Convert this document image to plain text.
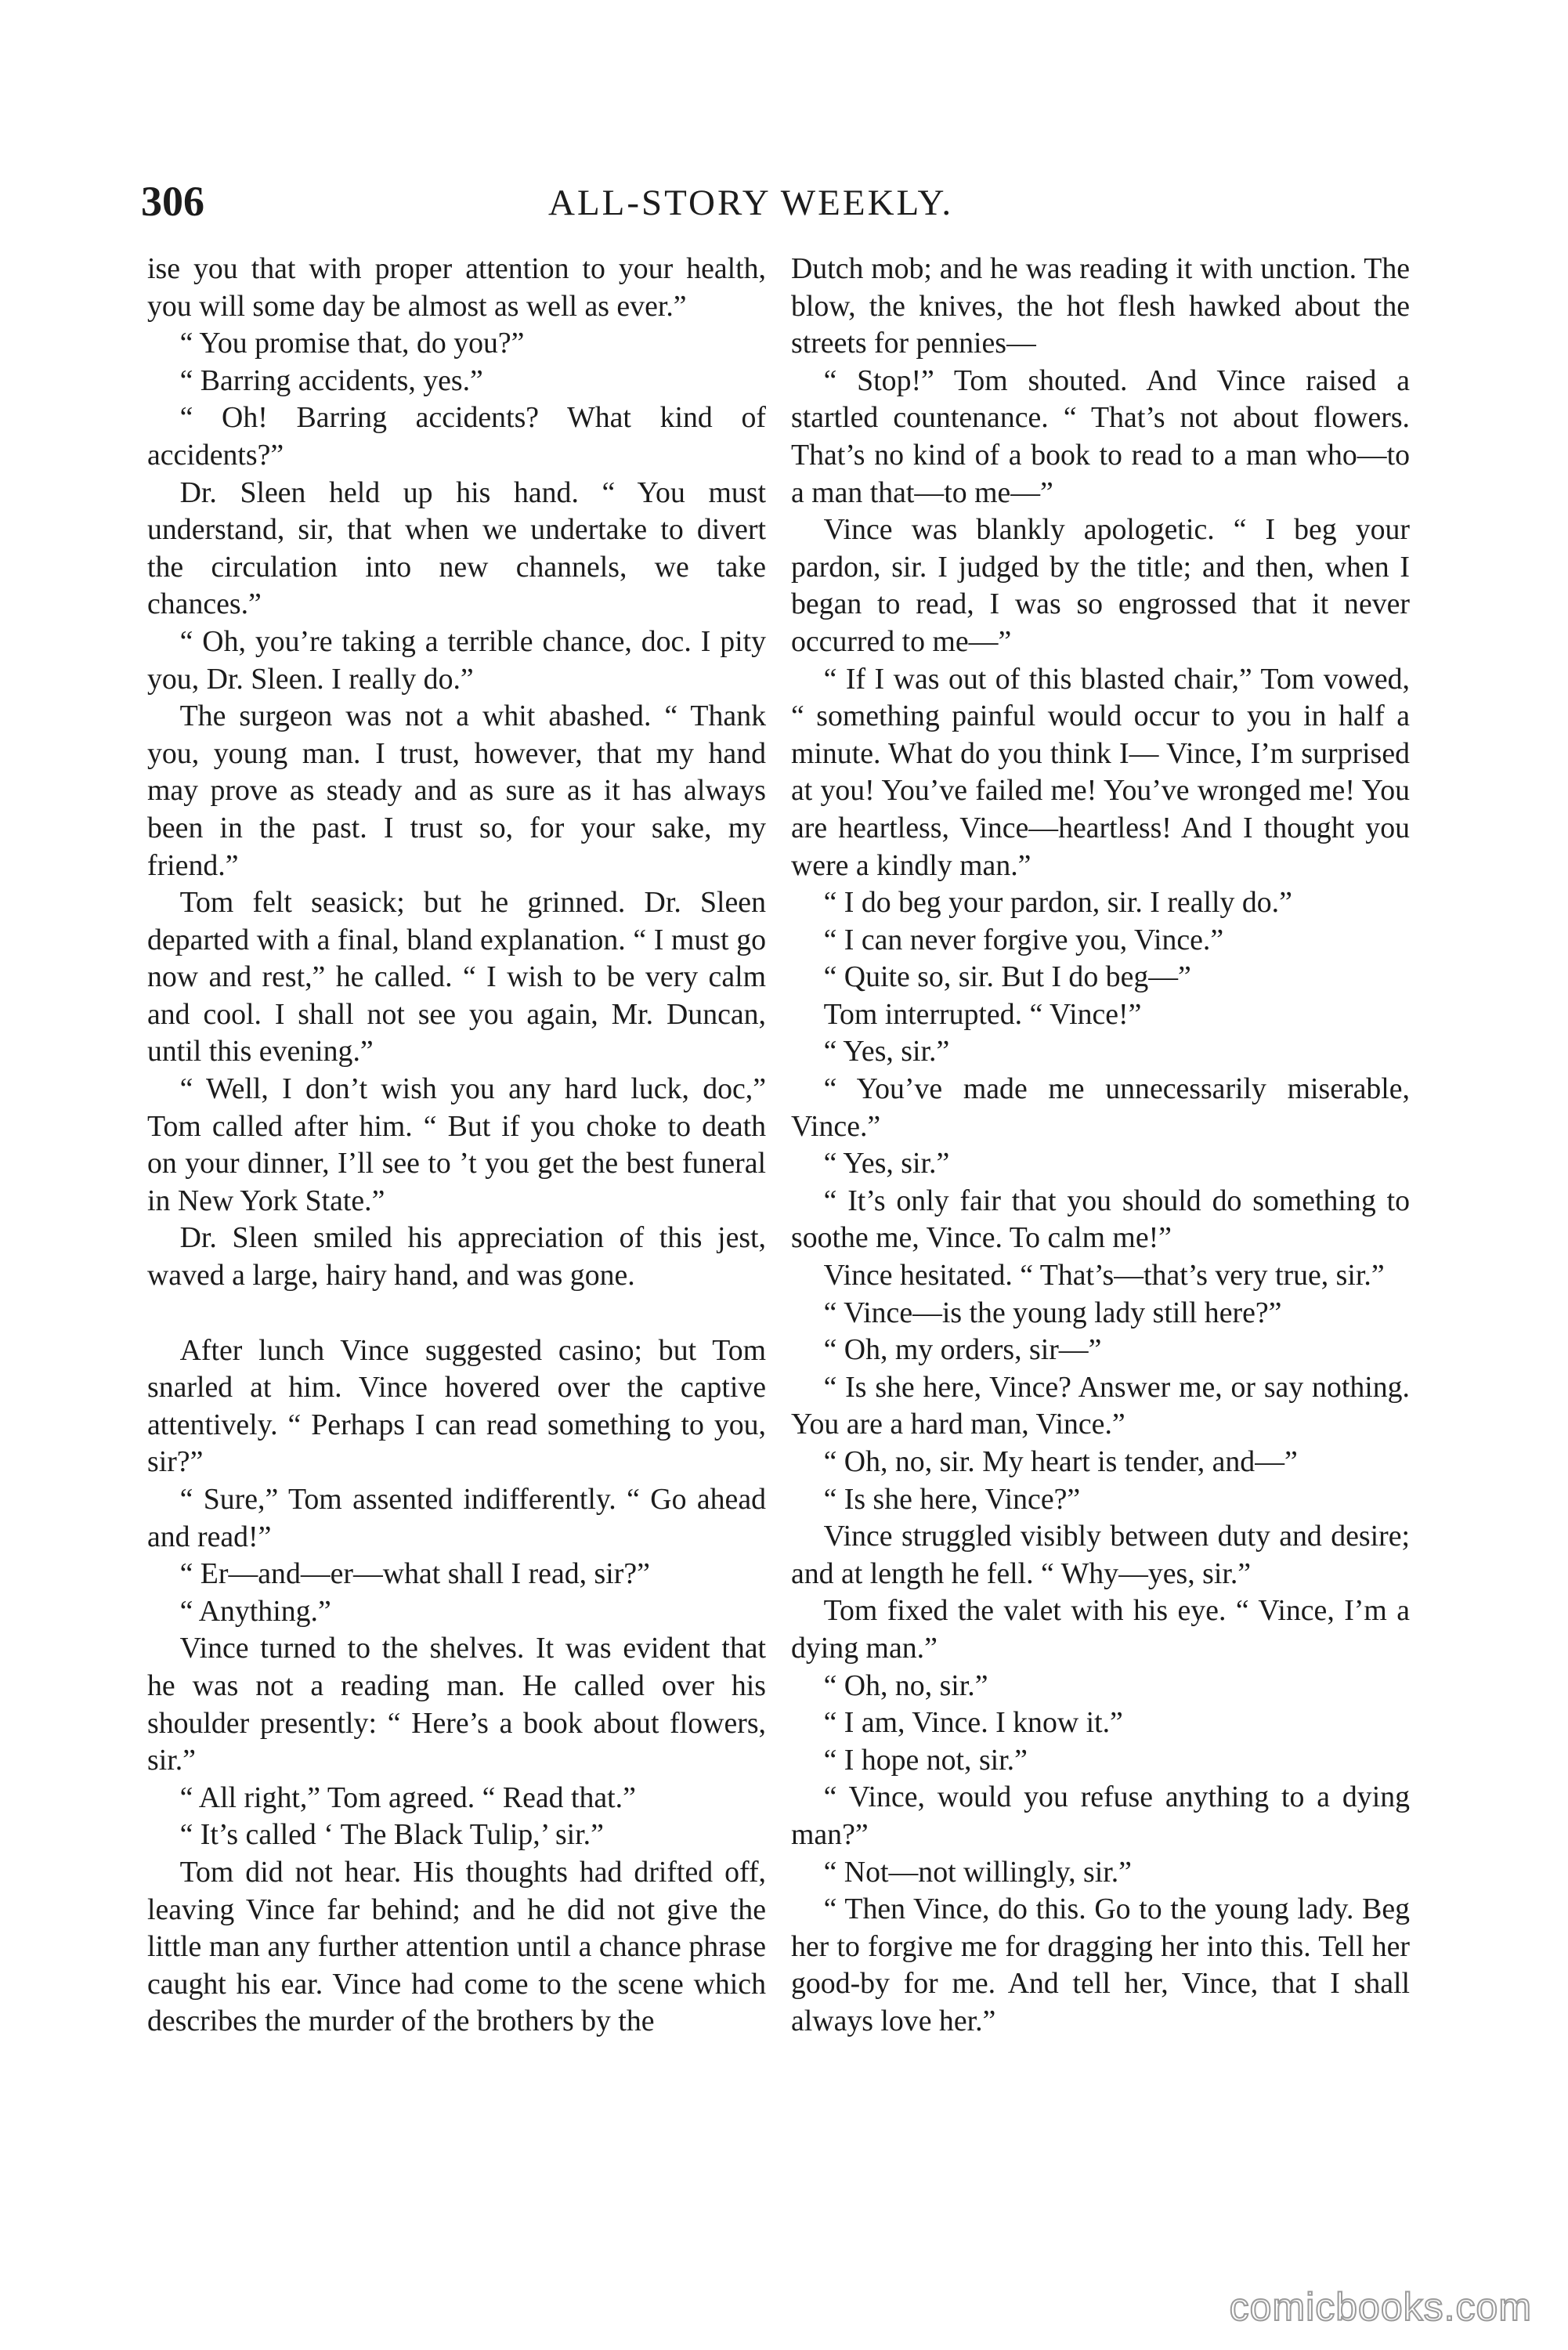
306	ALL-STORY WEEKLY.

ise you that with proper attention to your health, you will some day be almost as well as ever.”

“ You promise that, do you?”

“ Barring accidents, yes.”

“ Oh! Barring accidents? What kind of accidents?”

Dr. Sleen held up his hand. “ You must understand, sir, that when we undertake to divert the circulation into new channels, we take chances.”

“ Oh, you’re taking a terrible chance, doc. I pity you, Dr. Sleen. I really do.”

The surgeon was not a whit abashed. “ Thank you, young man. I trust, however, that my hand may prove as steady and as sure as it has always been in the past. I trust so, for your sake, my friend.”

Tom felt seasick; but he grinned. Dr. Sleen departed with a final, bland explanation. “ I must go now and rest,” he called. “ I wish to be very calm and cool. I shall not see you again, Mr. Duncan, until this evening.”

“ Well, I don’t wish you any hard luck, doc,” Tom called after him. “ But if you choke to death on your dinner, I’ll see to ’t you get the best funeral in New York State.”

Dr. Sleen smiled his appreciation of this jest, waved a large, hairy hand, and was gone.

After lunch Vince suggested casino; but Tom snarled at him. Vince hovered over the captive attentively. “ Perhaps I can read something to you, sir?”

“ Sure,” Tom assented indifferently. “ Go ahead and read!”

“ Er—and—er—what shall I read, sir?”

“ Anything.”

Vince turned to the shelves. It was evident that he was not a reading man. He called over his shoulder presently: “ Here’s a book about flowers, sir.”

“ All right,” Tom agreed. “ Read that.”

“ It’s called ‘ The Black Tulip,’ sir.”

Tom did not hear. His thoughts had drifted off, leaving Vince far behind; and he did not give the little man any further attention until a chance phrase caught his ear. Vince had come to the scene which describes the murder of the brothers by the

Dutch mob; and he was reading it with unction. The blow, the knives, the hot flesh hawked about the streets for pennies—

“ Stop!” Tom shouted. And Vince raised a startled countenance. “ That’s not about flowers. That’s no kind of a book to read to a man who—to a man that—to me—”

Vince was blankly apologetic. “ I beg your pardon, sir. I judged by the title; and then, when I began to read, I was so engrossed that it never occurred to me—”

“ If I was out of this blasted chair,” Tom vowed, “ something painful would occur to you in half a minute. What do you think I— Vince, I’m surprised at you! You’ve failed me! You’ve wronged me! You are heartless, Vince—heartless! And I thought you were a kindly man.”

“ I do beg your pardon, sir. I really do.”

“ I can never forgive you, Vince.”

“ Quite so, sir. But I do beg—”

Tom interrupted. “ Vince!”

“ Yes, sir.”

“ You’ve made me unnecessarily miserable, Vince.”

“ Yes, sir.”

“ It’s only fair that you should do something to soothe me, Vince. To calm me!”

Vince hesitated. “ That’s—that’s very true, sir.”

“ Vince—is the young lady still here?”

“ Oh, my orders, sir—”

“ Is she here, Vince? Answer me, or say nothing. You are a hard man, Vince.”

“ Oh, no, sir. My heart is tender, and—”

“ Is she here, Vince?”

Vince struggled visibly between duty and desire; and at length he fell. “ Why—yes, sir.”

Tom fixed the valet with his eye. “ Vince, I’m a dying man.”

“ Oh, no, sir.”

“ I am, Vince. I know it.”

“ I hope not, sir.”

“ Vince, would you refuse anything to a dying man?”

“ Not—not willingly, sir.”

“ Then Vince, do this. Go to the young lady. Beg her to forgive me for dragging her into this. Tell her good-by for me. And tell her, Vince, that I shall always love her.”

comicbooks.com
